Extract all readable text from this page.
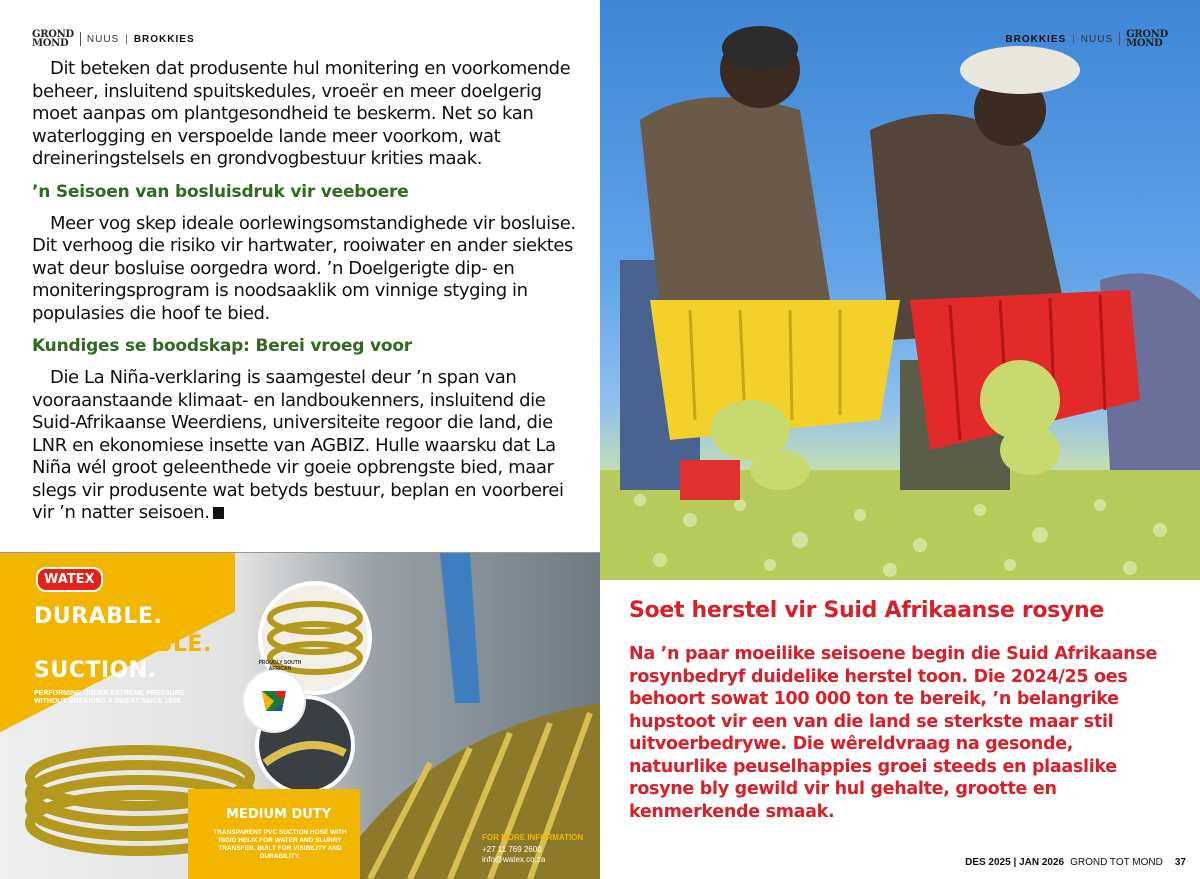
GROND
MOND	NUUS | BROKKIES

Dit beteken dat produsente hul monitering en voorkomende beheer, insluitend spuitskedules, vroeër en meer doelgerig moet aanpas om plantgesondheid te beskerm. Net so kan waterlogging en verspoelde lande meer voorkom, wat dreineringstelsels en grondvogbestuur krities maak.

’n Seisoen van bosluisdruk vir veeboere

Meer vog skep ideale oorlewingsomstandighede vir bosluise. Dit verhoog die risiko vir hartwater, rooiwater en ander siektes wat deur bosluise oorgedra word. ’n Doelgerigte dip- en moniteringsprogram is noodsaaklik om vinnige styging in populasies die hoof te bied.

Kundiges se boodskap: Berei vroeg voor

Die La Niña-verklaring is saamgestel deur ’n span van vooraanstaande klimaat- en landboukenners, insluitend die Suid-Afrikaanse Weerdiens, universiteite regoor die land, die LNR en ekonomiese insette van AGBIZ. Hulle waarsku dat La Niña wél groot geleenthede vir goeie opbrengste bied, maar slegs vir produsente wat betyds bestuur, beplan en voorberei vir ’n natter seisoen.

BROKKIES | NUUS GROND
MOND
Soet herstel vir Suid Afrikaanse rosyne
Na ’n paar moeilike seisoene begin die Suid Afrikaanse rosynbedryf duidelike herstel toon. Die 2024/25 oes behoort sowat 100 000 ton te bereik, ’n belangrike hupstoot vir een van die land se sterkste maar stil uitvoerbedrywe. Die wêreldvraag na gesonde, natuurlike peuselhappies groei steeds en plaaslike rosyne bly gewild vir hul gehalte, grootte en kenmerkende smaak.
WATEX
DURABLE.
DEPENDABLE.
SUCTION.
PERFORMING UNDER EXTREME PRESSURE
WITHOUT BREAKING A SWEAT SINCE 1908.
PROUDLY SOUTH AFRICAN
MEDIUM DUTY
TRANSPARENT PVC SUCTION HOSE WITH RIGID HELIX FOR WATER AND SLURRY TRANSFER. BUILT FOR VISIBILITY AND DURABILITY.
FOR MORE INFORMATION
+27 11 769 2600
info@watex.co.za	DES 2025 | JAN 2026 GROND TOT MOND 37
